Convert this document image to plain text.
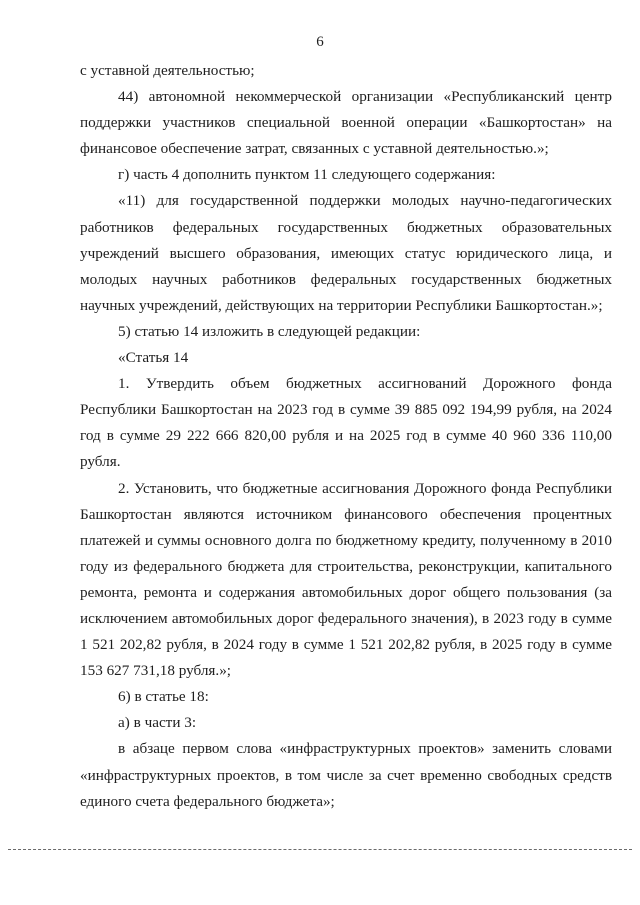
6

с уставной деятельностью;

44) автономной некоммерческой организации «Республиканский центр поддержки участников специальной военной операции «Башкортостан» на финансовое обеспечение затрат, связанных с уставной деятельностью.»;

г) часть 4 дополнить пунктом 11 следующего содержания:

«11) для государственной поддержки молодых научно-педагогических работников федеральных государственных бюджетных образовательных учреждений высшего образования, имеющих статус юридического лица, и молодых научных работников федеральных государственных бюджетных научных учреждений, действующих на территории Республики Башкортостан.»;

5) статью 14 изложить в следующей редакции:

«Статья 14

1. Утвердить объем бюджетных ассигнований Дорожного фонда Республики Башкортостан на 2023 год в сумме 39 885 092 194,99 рубля, на 2024 год в сумме 29 222 666 820,00 рубля и на 2025 год в сумме 40 960 336 110,00 рубля.

2. Установить, что бюджетные ассигнования Дорожного фонда Республики Башкортостан являются источником финансового обеспечения процентных платежей и суммы основного долга по бюджетному кредиту, полученному в 2010 году из федерального бюджета для строительства, реконструкции, капитального ремонта, ремонта и содержания автомобильных дорог общего пользования (за исключением автомобильных дорог федерального значения), в 2023 году в сумме 1 521 202,82 рубля, в 2024 году в сумме 1 521 202,82 рубля, в 2025 году в сумме 153 627 731,18 рубля.»;

6) в статье 18:

а) в части 3:

в абзаце первом слова «инфраструктурных проектов» заменить словами «инфраструктурных проектов, в том числе за счет временно свободных средств единого счета федерального бюджета»;
